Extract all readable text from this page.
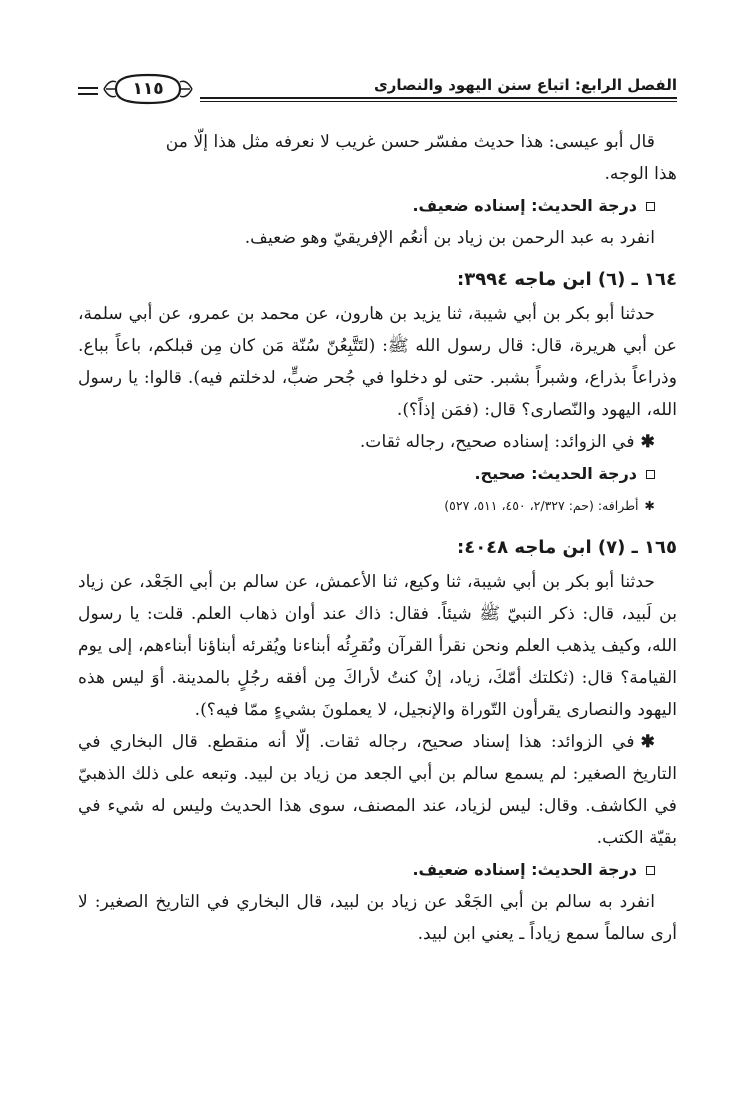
الفصل الرابع: اتباع سنن اليهود والنصارى
١١٥

قال أبو عيسى: هذا حديث مفسّر حسن غريب لا نعرفه مثل هذا إلّا من

هذا الوجه.

درجة الحديث: إسناده ضعيف.

انفرد به عبد الرحمن بن زياد بن أنعُم الإفريقيّ وهو ضعيف.

١٦٤ ـ (٦) ابن ماجه ٣٩٩٤:

حدثنا أبو بكر بن أبي شيبة، ثنا يزيد بن هارون، عن محمد بن عمرو، عن أبي سلمة، عن أبي هريرة، قال: قال رسول الله ﷺ: (لتَتَّبِعُنّ سُنّة مَن كان مِن قبلكم، باعاً بباع. وذراعاً بذراع، وشبراً بشبر. حتى لو دخلوا في جُحر ضبٍّ، لدخلتم فيه). قالوا: يا رسول الله، اليهود والنّصارى؟ قال: (فمَن إذاً؟).

✱في الزوائد: إسناده صحيح، رجاله ثقات.

درجة الحديث: صحيح.

✱أطرافه: (حم: ٢/٣٢٧، ٤٥٠، ٥١١، ٥٢٧)

١٦٥ ـ (٧) ابن ماجه ٤٠٤٨:

حدثنا أبو بكر بن أبي شيبة، ثنا وكيع، ثنا الأعمش، عن سالم بن أبي الجَعْد، عن زياد بن لَبيد، قال: ذكر النبيّ ﷺ شيئاً. فقال: ذاك عند أوان ذهاب العلم. قلت: يا رسول الله، وكيف يذهب العلم ونحن نقرأ القرآن ونُقرِئُه أبناءنا ويُقرئه أبناؤنا أبناءهم، إلى يوم القيامة؟ قال: (ثكلتك أمّكَ، زياد، إنْ كنتُ لأراكَ مِن أفقه رجُلٍ بالمدينة. أوَ ليس هذه اليهود والنصارى يقرأون التّوراة والإنجيل، لا يعملونَ بشيءٍ ممّا فيه؟).

✱في الزوائد: هذا إسناد صحيح، رجاله ثقات. إلّا أنه منقطع. قال البخاري في التاريخ الصغير: لم يسمع سالم بن أبي الجعد من زياد بن لبيد. وتبعه على ذلك الذهبيّ في الكاشف. وقال: ليس لزياد، عند المصنف، سوى هذا الحديث وليس له شيء في بقيّة الكتب.

درجة الحديث: إسناده ضعيف.

انفرد به سالم بن أبي الجَعْد عن زياد بن لبيد، قال البخاري في التاريخ الصغير: لا أرى سالماً سمع زياداً ـ يعني ابن لبيد.
